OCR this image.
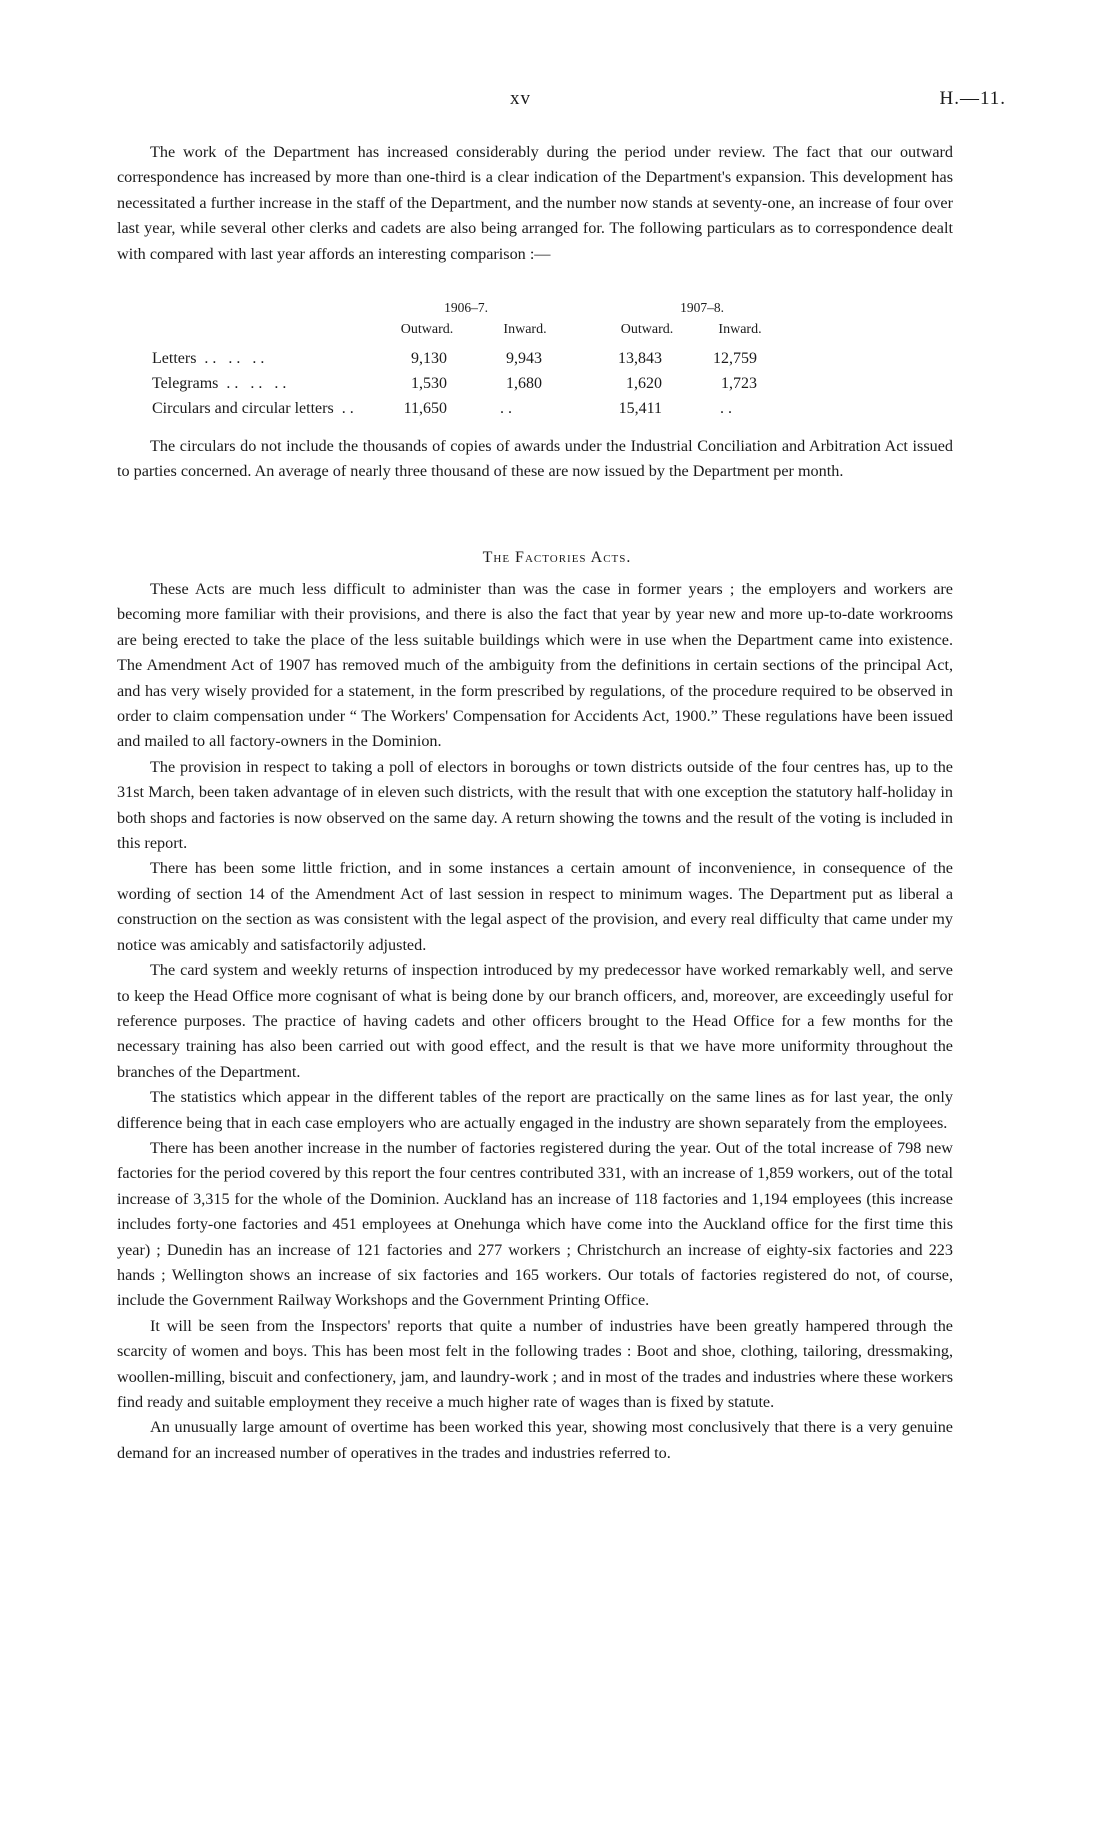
xv	H.—11.

The work of the Department has increased considerably during the period under review. The fact that our outward correspondence has increased by more than one-third is a clear indication of the Department's expansion. This development has necessitated a further increase in the staff of the Department, and the number now stands at seventy-one, an increase of four over last year, while several other clerks and cadets are also being arranged for. The following particulars as to correspondence dealt with compared with last year affords an interesting comparison :—

1906–7.	1907–8.
Outward.	Inward.	Outward.	Inward.
Letters  . .   . .   . .	9,130	9,943	13,843	12,759
Telegrams  . .   . .   . .	1,530	1,680	1,620	1,723
Circulars and circular letters  . .	11,650	. .	15,411	. .

The circulars do not include the thousands of copies of awards under the Industrial Conciliation and Arbitration Act issued to parties concerned. An average of nearly three thousand of these are now issued by the Department per month.

The Factories Acts.

These Acts are much less difficult to administer than was the case in former years ; the employers and workers are becoming more familiar with their provisions, and there is also the fact that year by year new and more up-to-date workrooms are being erected to take the place of the less suitable buildings which were in use when the Department came into existence. The Amendment Act of 1907 has removed much of the ambiguity from the definitions in certain sections of the principal Act, and has very wisely provided for a statement, in the form prescribed by regulations, of the procedure required to be observed in order to claim compensation under “ The Workers' Compensation for Accidents Act, 1900.” These regulations have been issued and mailed to all factory-owners in the Dominion.

The provision in respect to taking a poll of electors in boroughs or town districts outside of the four centres has, up to the 31st March, been taken advantage of in eleven such districts, with the result that with one exception the statutory half-holiday in both shops and factories is now observed on the same day. A return showing the towns and the result of the voting is included in this report.

There has been some little friction, and in some instances a certain amount of inconvenience, in consequence of the wording of section 14 of the Amendment Act of last session in respect to minimum wages. The Department put as liberal a construction on the section as was consistent with the legal aspect of the provision, and every real difficulty that came under my notice was amicably and satisfactorily adjusted.

The card system and weekly returns of inspection introduced by my predecessor have worked remarkably well, and serve to keep the Head Office more cognisant of what is being done by our branch officers, and, moreover, are exceedingly useful for reference purposes. The practice of having cadets and other officers brought to the Head Office for a few months for the necessary training has also been carried out with good effect, and the result is that we have more uniformity throughout the branches of the Department.

The statistics which appear in the different tables of the report are practically on the same lines as for last year, the only difference being that in each case employers who are actually engaged in the industry are shown separately from the employees.

There has been another increase in the number of factories registered during the year. Out of the total increase of 798 new factories for the period covered by this report the four centres contributed 331, with an increase of 1,859 workers, out of the total increase of 3,315 for the whole of the Dominion. Auckland has an increase of 118 factories and 1,194 employees (this increase includes forty-one factories and 451 employees at Onehunga which have come into the Auckland office for the first time this year) ; Dunedin has an increase of 121 factories and 277 workers ; Christchurch an increase of eighty-six factories and 223 hands ; Wellington shows an increase of six factories and 165 workers. Our totals of factories registered do not, of course, include the Government Railway Workshops and the Government Printing Office.

It will be seen from the Inspectors' reports that quite a number of industries have been greatly hampered through the scarcity of women and boys. This has been most felt in the following trades : Boot and shoe, clothing, tailoring, dressmaking, woollen-milling, biscuit and confectionery, jam, and laundry-work ; and in most of the trades and industries where these workers find ready and suitable employment they receive a much higher rate of wages than is fixed by statute.

An unusually large amount of overtime has been worked this year, showing most conclusively that there is a very genuine demand for an increased number of operatives in the trades and industries referred to.
